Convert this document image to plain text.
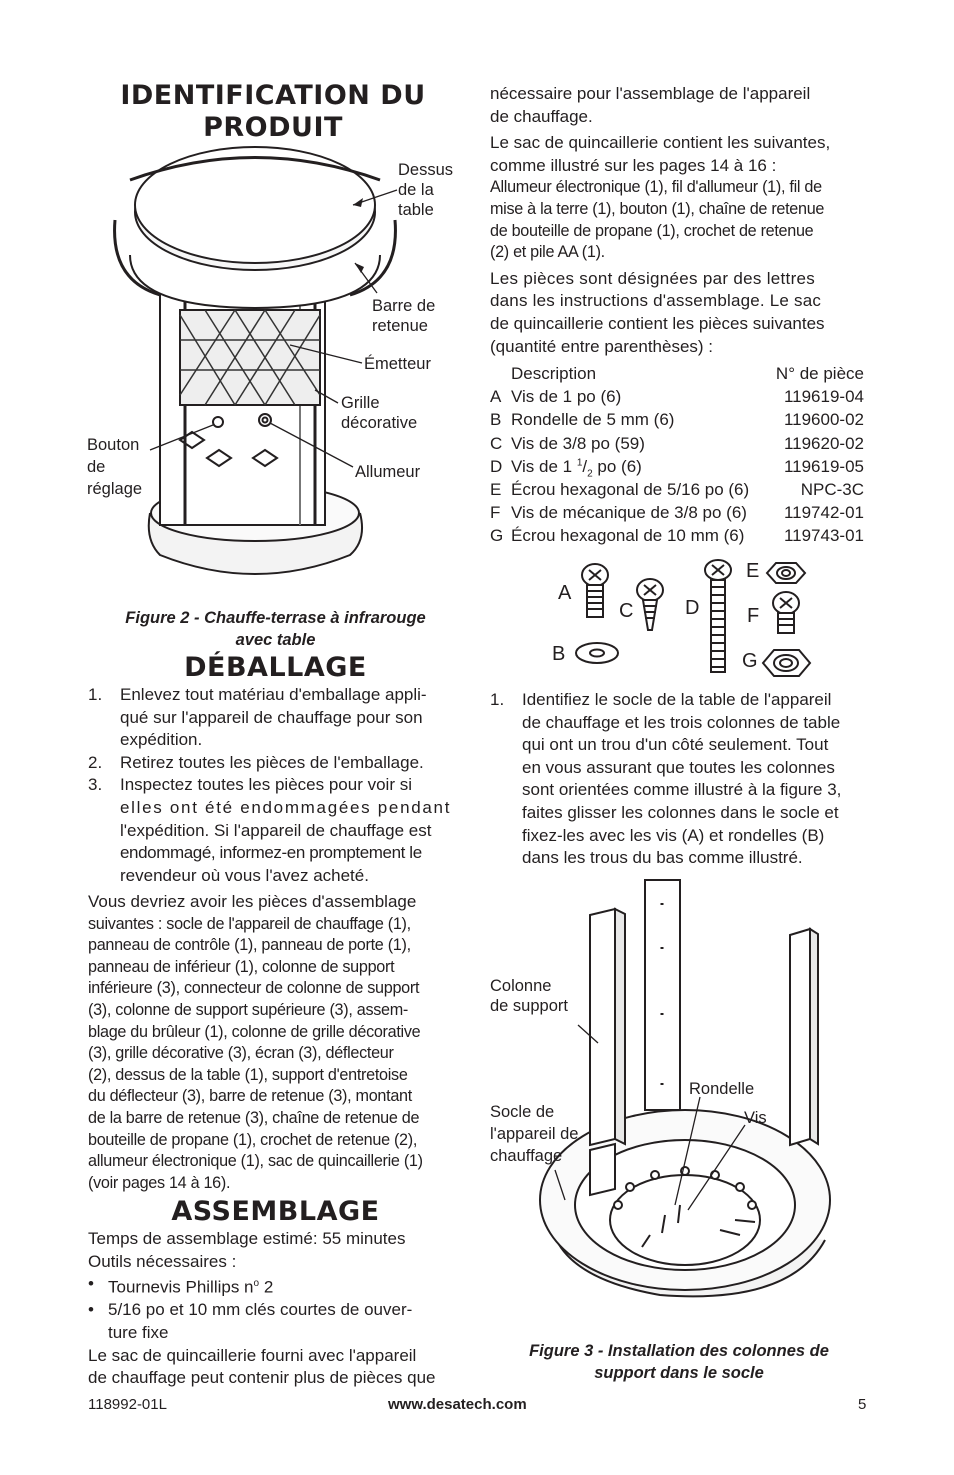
IDENTIFICATION DU
PRODUIT
Dessus
de la
table
Barre de
retenue
Émetteur
Grille
décorative
Allumeur
Bouton
de
réglage
Figure 2 - Chauffe-terrase à infrarouge
avec table
DÉBALLAGE
1. Enlevez tout matériau d'emballage appli-
qué sur l'appareil de chauffage pour son
expédition.
2. Retirez toutes les pièces de l'emballage.
3. Inspectez toutes les pièces pour voir si
elles ont été endommagées pendant
l'expédition. Si l'appareil de chauffage est
endommagé, informez-en promptement le
revendeur où vous l'avez acheté.
Vous devriez avoir les pièces d'assemblage
suivantes : socle de l'appareil de chauffage (1),
panneau de contrôle (1), panneau de porte (1),
panneau de inférieur (1), colonne de support
inférieure (3), connecteur de colonne de support
(3), colonne de support supérieure (3), assem-
blage du brûleur (1), colonne de grille décorative
(3), grille décorative (3), écran (3), déflecteur
(2), dessus de la table (1), support d'entretoise
du déflecteur (3), barre de retenue (3), montant
de la barre de retenue (3), chaîne de retenue de
bouteille de propane (1), crochet de retenue (2),
allumeur électronique (1), sac de quincaillerie (1)
(voir pages 14 à 16).
ASSEMBLAGE
Temps de assemblage estimé: 55 minutes
Outils nécessaires :
• Tournevis Phillips $n^o$ 2
• 5/16 po et 10 mm clés courtes de ouver-
ture fixe
Le sac de quincaillerie fourni avec l'appareil
de chauffage peut contenir plus de pièces que
nécessaire pour l'assemblage de l'appareil
de chauffage.
Le sac de quincaillerie contient les suivantes,
comme illustré sur les pages 14 à 16 :
Allumeur électronique (1), fil d'allumeur (1), fil de
mise à la terre (1), bouton (1), chaîne de retenue
de bouteille de propane (1), crochet de retenue
(2) et pile AA (1).
Les pièces sont désignées par des lettres
dans les instructions d'assemblage. Le sac
de quincaillerie contient les pièces suivantes
(quantité entre parenthèses) :
	Description	N° de pièce
A	Vis de 1 po (6)	119619-04
B	Rondelle de 5 mm (6)	119600-02
C	Vis de 3/8 po (59)	119620-02
D	Vis de 1 $^1/_2$ po (6)	119619-05
E	Écrou hexagonal de 5/16 po (6)	NPC-3C
F	Vis de mécanique de 3/8 po (6)	119742-01
G	Écrou hexagonal de 10 mm (6)	119743-01
A
B
C	D
E
F
G
1. Identifiez le socle de la table de l'appareil
de chauffage et les trois colonnes de table
qui ont un trou d'un côté seulement. Tout
en vous assurant que toutes les colonnes
sont orientées comme illustré à la figure 3,
faites glisser les colonnes dans le socle et
fixez-les avec les vis (A) et rondelles (B)
dans les trous du bas comme illustré.
Colonne
de support
Rondelle
Vis
Socle de
l'appareil de
chauffage
Figure 3 - Installation des colonnes de
support dans le socle
118992-01L	www.desatech.com	5
